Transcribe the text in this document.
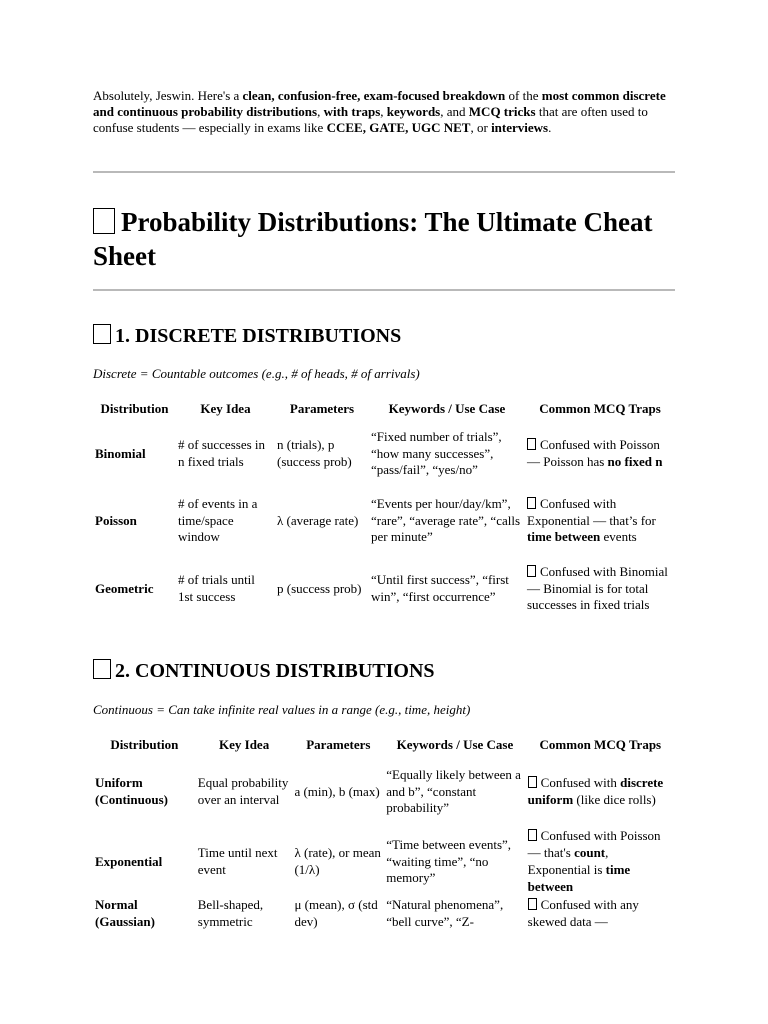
Absolutely, Jeswin. Here's a clean, confusion-free, exam-focused breakdown of the most common discrete and continuous probability distributions, with traps, keywords, and MCQ tricks that are often used to confuse students — especially in exams like CCEE, GATE, UGC NET, or interviews.

Probability Distributions: The Ultimate Cheat Sheet
1. DISCRETE DISTRIBUTIONS

Discrete = Countable outcomes (e.g., # of heads, # of arrivals)

Distribution	Key Idea	Parameters	Keywords / Use Case	Common MCQ Traps
Binomial	# of successes in n fixed trials	n (trials), p (success prob)	“Fixed number of trials”, “how many successes”, “pass/fail”, “yes/no”	Confused with Poisson — Poisson has no fixed n
Poisson	# of events in a time/space window	λ (average rate)	“Events per hour/day/km”, “rare”, “average rate”, “calls per minute”	Confused with Exponential — that’s for time between events
Geometric	# of trials until 1st success	p (success prob)	“Until first success”, “first win”, “first occurrence”	Confused with Binomial — Binomial is for total successes in fixed trials
2. CONTINUOUS DISTRIBUTIONS

Continuous = Can take infinite real values in a range (e.g., time, height)

Distribution	Key Idea	Parameters	Keywords / Use Case	Common MCQ Traps
Uniform (Continuous)	Equal probability over an interval	a (min), b (max)	“Equally likely between a and b”, “constant probability”	Confused with discrete uniform (like dice rolls)
Exponential	Time until next event	λ (rate), or mean (1/λ)	“Time between events”, “waiting time”, “no memory”	Confused with Poisson — that's count, Exponential is time between
Normal (Gaussian)	Bell-shaped, symmetric	μ (mean), σ (std dev)	“Natural phenomena”, “bell curve”, “Z-	Confused with any skewed data —
